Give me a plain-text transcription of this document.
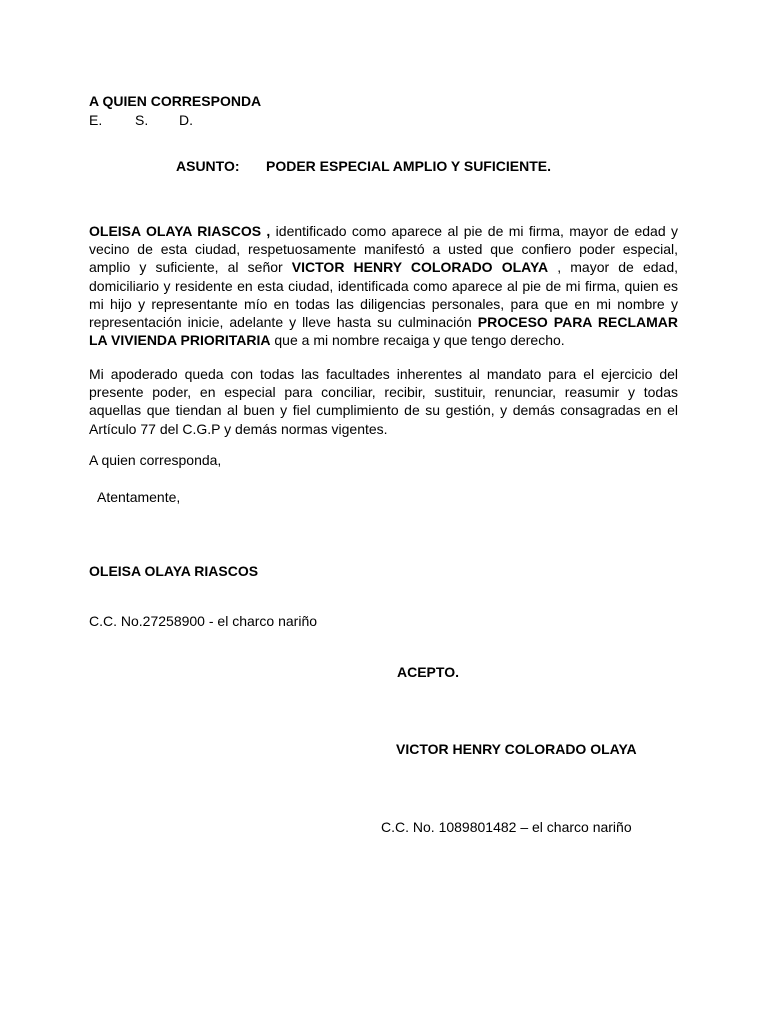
A QUIEN CORRESPONDA
E. S. D.
ASUNTO: PODER ESPECIAL AMPLIO Y SUFICIENTE.
OLEISA OLAYA RIASCOS , identificado como aparece al pie de mi firma, mayor de edad y vecino de esta ciudad, respetuosamente manifestó a usted que confiero poder especial, amplio y suficiente, al señor VICTOR HENRY COLORADO OLAYA , mayor de edad, domiciliario y residente en esta ciudad, identificada como aparece al pie de mi firma, quien es mi hijo y representante mío en todas las diligencias personales, para que en mi nombre y representación inicie, adelante y lleve hasta su culminación PROCESO PARA RECLAMAR LA VIVIENDA PRIORITARIA que a mi nombre recaiga y que tengo derecho.
Mi apoderado queda con todas las facultades inherentes al mandato para el ejercicio del presente poder, en especial para conciliar, recibir, sustituir, renunciar, reasumir y todas aquellas que tiendan al buen y fiel cumplimiento de su gestión, y demás consagradas en el Artículo 77 del C.G.P y demás normas vigentes.
A quien corresponda,
Atentamente,
OLEISA OLAYA RIASCOS
C.C. No.27258900 - el charco nariño
ACEPTO.
VICTOR HENRY COLORADO OLAYA
C.C. No. 1089801482 – el charco nariño
